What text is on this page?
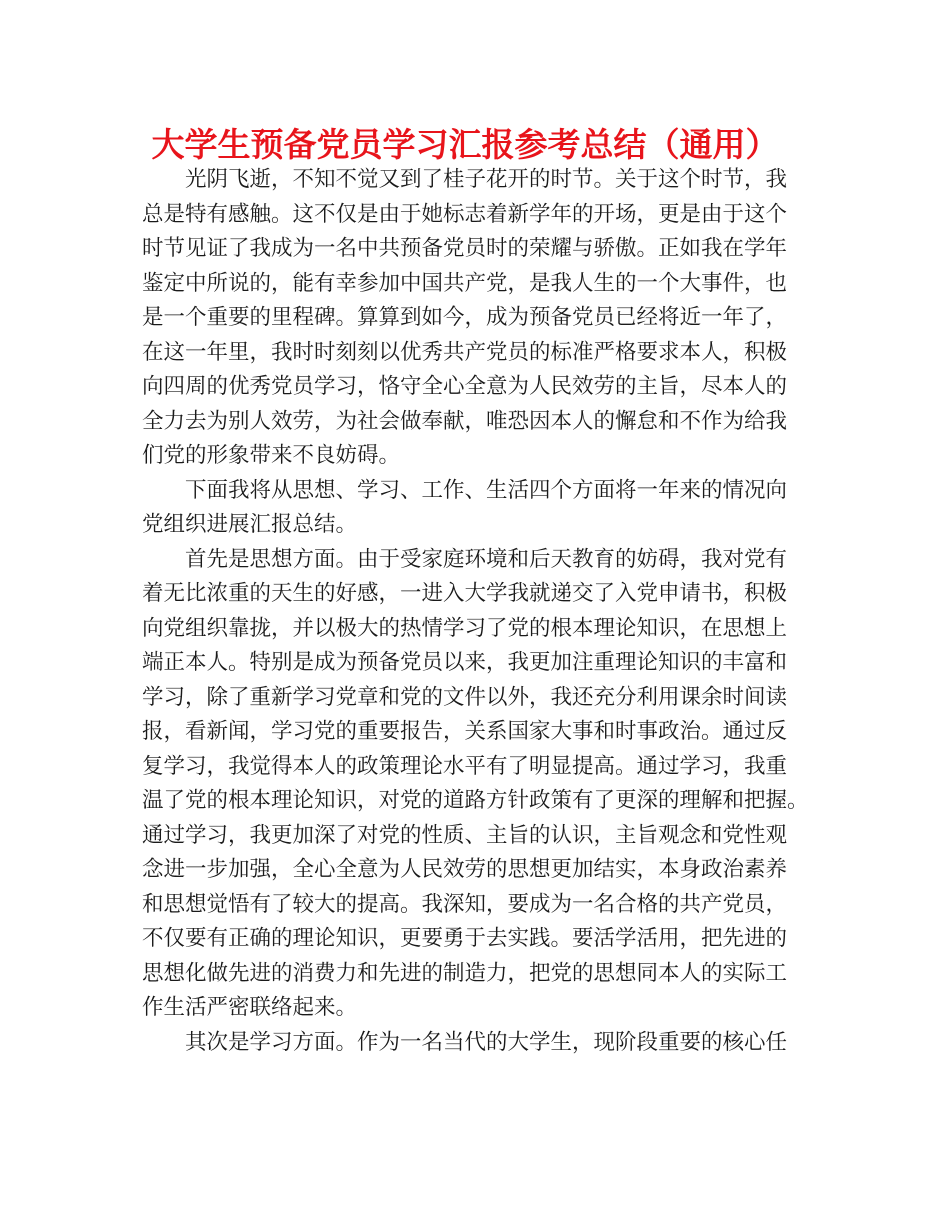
大学生预备党员学习汇报参考总结（通用）
光阴飞逝，不知不觉又到了桂子花开的时节。关于这个时节，我
总是特有感触。这不仅是由于她标志着新学年的开场，更是由于这个
时节见证了我成为一名中共预备党员时的荣耀与骄傲。正如我在学年
鉴定中所说的，能有幸参加中国共产党，是我人生的一个大事件，也
是一个重要的里程碑。算算到如今，成为预备党员已经将近一年了，
在这一年里，我时时刻刻以优秀共产党员的标准严格要求本人，积极
向四周的优秀党员学习，恪守全心全意为人民效劳的主旨，尽本人的
全力去为别人效劳，为社会做奉献，唯恐因本人的懈怠和不作为给我
们党的形象带来不良妨碍。
下面我将从思想、学习、工作、生活四个方面将一年来的情况向
党组织进展汇报总结。
首先是思想方面。由于受家庭环境和后天教育的妨碍，我对党有
着无比浓重的天生的好感，一进入大学我就递交了入党申请书，积极
向党组织靠拢，并以极大的热情学习了党的根本理论知识，在思想上
端正本人。特别是成为预备党员以来，我更加注重理论知识的丰富和
学习，除了重新学习党章和党的文件以外，我还充分利用课余时间读
报，看新闻，学习党的重要报告，关系国家大事和时事政治。通过反
复学习，我觉得本人的政策理论水平有了明显提高。通过学习，我重
温了党的根本理论知识，对党的道路方针政策有了更深的理解和把握。
通过学习，我更加深了对党的性质、主旨的认识，主旨观念和党性观
念进一步加强，全心全意为人民效劳的思想更加结实，本身政治素养
和思想觉悟有了较大的提高。我深知，要成为一名合格的共产党员，
不仅要有正确的理论知识，更要勇于去实践。要活学活用，把先进的
思想化做先进的消费力和先进的制造力，把党的思想同本人的实际工
作生活严密联络起来。
其次是学习方面。作为一名当代的大学生，现阶段重要的核心任
